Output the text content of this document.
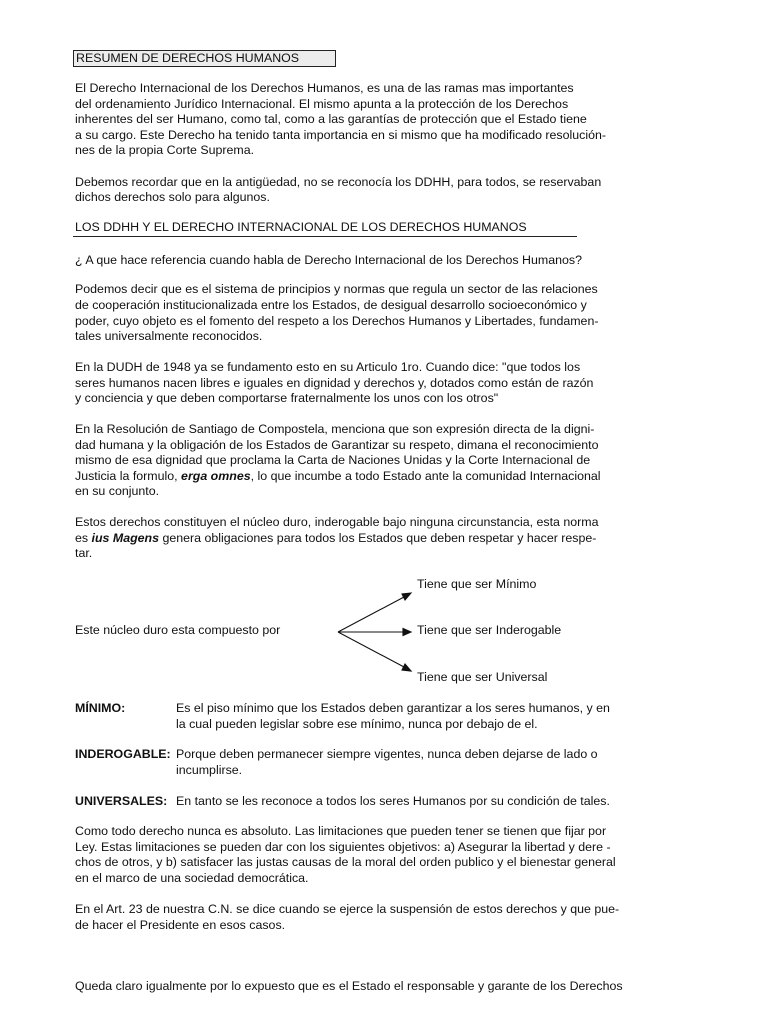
RESUMEN DE DERECHOS HUMANOS
El Derecho Internacional de los Derechos Humanos, es una de las ramas mas importantes
del ordenamiento Jurídico Internacional. El mismo apunta a la protección de los Derechos
inherentes del ser Humano, como tal, como a las garantías de protección que el Estado tiene
a su cargo. Este Derecho ha tenido tanta importancia en si mismo que ha modificado resolución-
nes de la propia Corte Suprema.
Debemos recordar que en la antigüedad, no se reconocía los DDHH, para todos, se reservaban
dichos derechos solo para algunos.
LOS DDHH Y EL DERECHO INTERNACIONAL DE LOS DERECHOS HUMANOS
¿ A que hace referencia cuando habla de Derecho Internacional de los Derechos Humanos?
Podemos decir que es el sistema de principios y normas que regula un sector de las relaciones
de cooperación institucionalizada entre los Estados, de desigual desarrollo socioeconómico y
poder, cuyo objeto es el fomento del respeto a los Derechos Humanos y Libertades, fundamen-
tales universalmente reconocidos.
En la DUDH de 1948 ya se fundamento esto en su Articulo 1ro. Cuando dice: "que todos los
seres humanos nacen libres e iguales en dignidad y derechos y, dotados como están de razón
y conciencia y que deben comportarse fraternalmente los unos con los otros"
En la Resolución de Santiago de Compostela, menciona que son expresión directa de la digni-
dad humana y la obligación de los Estados de Garantizar su respeto, dimana el reconocimiento
mismo de esa dignidad que proclama la Carta de Naciones Unidas y la Corte Internacional de
Justicia la formulo, erga omnes, lo que incumbe a todo Estado ante la comunidad Internacional
en su conjunto.
Estos derechos constituyen el núcleo duro, inderogable bajo ninguna circunstancia, esta norma
es ius Magens genera obligaciones para todos los Estados que deben respetar y hacer respe-
tar.
Tiene que ser Mínimo
Este núcleo duro esta compuesto por	Tiene que ser Inderogable
Tiene que ser Universal
MÍNIMO:	Es el piso mínimo que los Estados deben garantizar a los seres humanos, y en
la cual pueden legislar sobre ese mínimo, nunca por debajo de el.
INDEROGABLE: Porque deben permanecer siempre vigentes, nunca deben dejarse de lado o
incumplirse.
UNIVERSALES: En tanto se les reconoce a todos los seres Humanos por su condición de tales.
Como todo derecho nunca es absoluto. Las limitaciones que pueden tener se tienen que fijar por
Ley. Estas limitaciones se pueden dar con los siguientes objetivos: a) Asegurar la libertad y dere -
chos de otros, y b) satisfacer las justas causas de la moral del orden publico y el bienestar general
en el marco de una sociedad democrática.
En el Art. 23 de nuestra C.N. se dice cuando se ejerce la suspensión de estos derechos y que pue-
de hacer el Presidente en esos casos.
Queda claro igualmente por lo expuesto que es el Estado el responsable y garante de los Derechos
